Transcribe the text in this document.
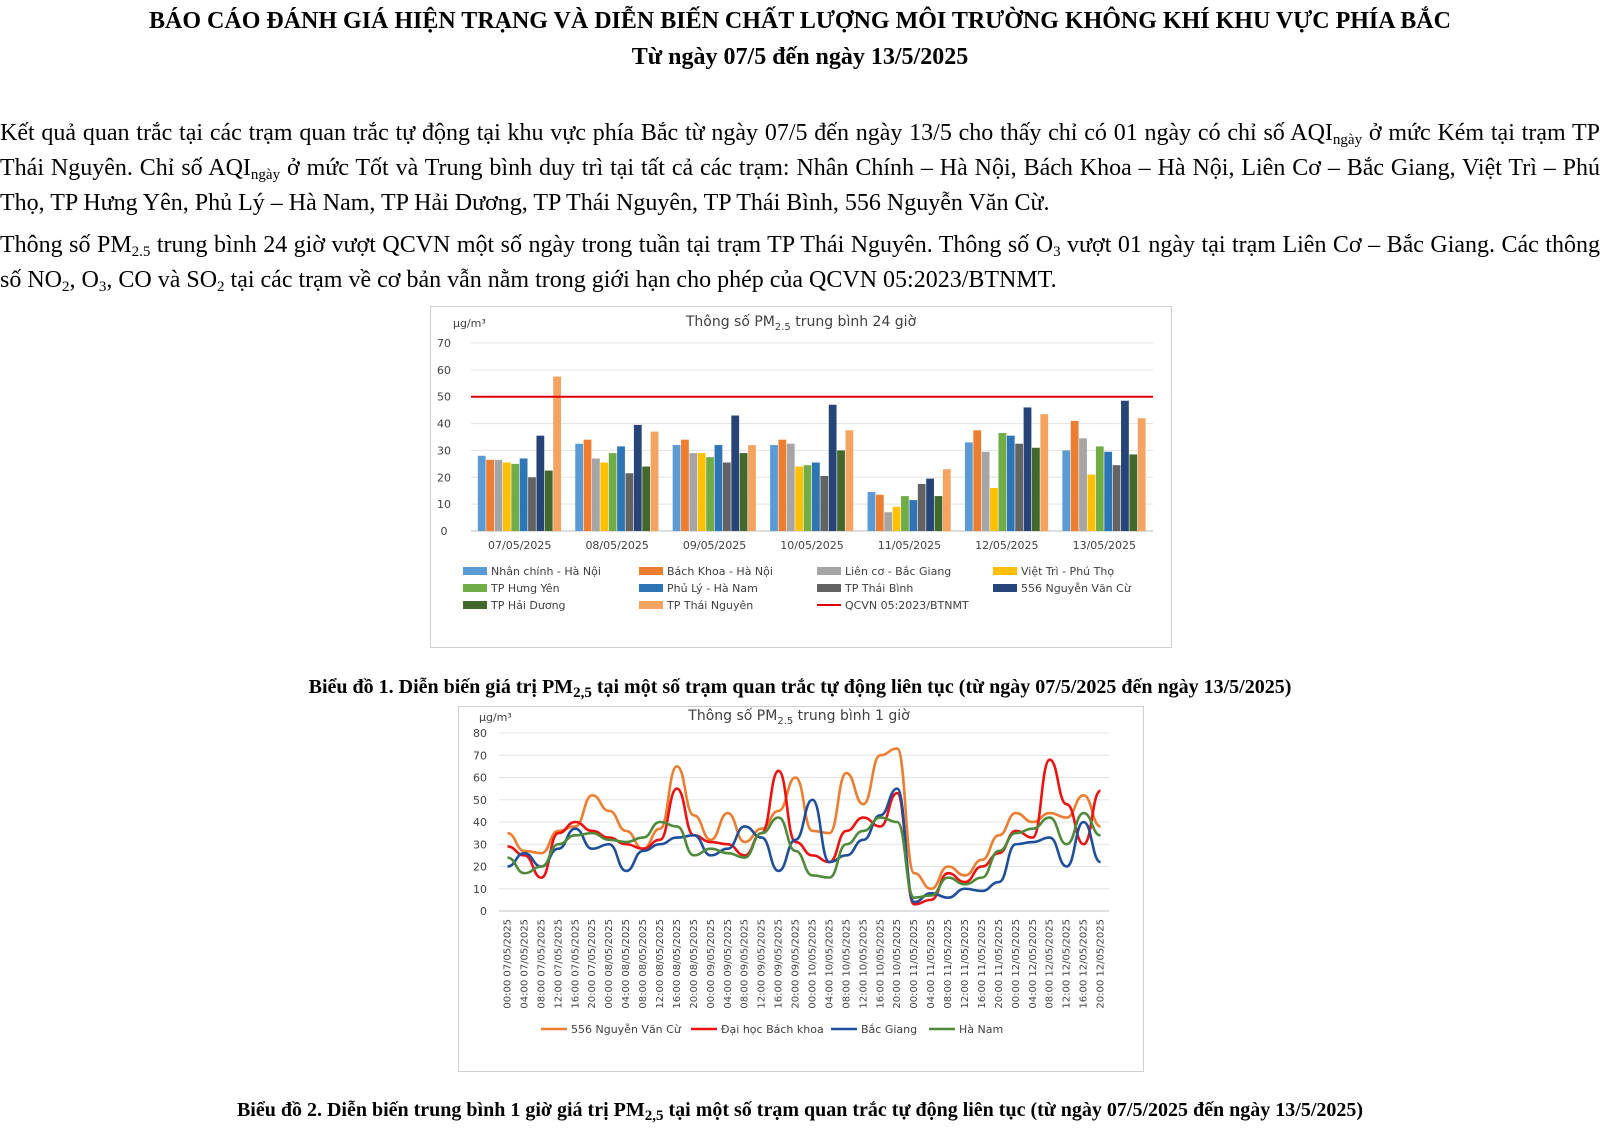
BÁO CÁO ĐÁNH GIÁ HIỆN TRẠNG VÀ DIỄN BIẾN CHẤT LƯỢNG MÔI TRƯỜNG KHÔNG KHÍ KHU VỰC PHÍA BẮC
Từ ngày 07/5 đến ngày 13/5/2025

Kết quả quan trắc tại các trạm quan trắc tự động tại khu vực phía Bắc từ ngày 07/5 đến ngày 13/5 cho thấy chỉ có 01 ngày có chỉ số $AQI_{ngày}$ ở mức Kém tại trạm TP Thái Nguyên. Chỉ số $AQI_{ngày}$ ở mức Tốt và Trung bình duy trì tại tất cả các trạm: Nhân Chính – Hà Nội, Bách Khoa – Hà Nội, Liên Cơ – Bắc Giang, Việt Trì – Phú Thọ, TP Hưng Yên, Phủ Lý – Hà Nam, TP Hải Dương, TP Thái Nguyên, TP Thái Bình, 556 Nguyễn Văn Cừ.

Thông số $PM_{2.5}$ trung bình 24 giờ vượt QCVN một số ngày trong tuần tại trạm TP Thái Nguyên. Thông số $O_3$ vượt 01 ngày tại trạm Liên Cơ – Bắc Giang. Các thông số $NO_2$, $O_3$, CO và $SO_2$ tại các trạm về cơ bản vẫn nằm trong giới hạn cho phép của QCVN 05:2023/BTNMT.

Thông số $PM_{2.5}$ trung bình 24 giờ
µg/m³
0
10
20
30
40
50
60
70
07/05/2025	08/05/2025	09/05/2025	10/05/2025	11/05/2025	12/05/2025	13/05/2025
Nhân chính - Hà Nội	Bách Khoa - Hà Nội	Liên cơ - Bắc Giang	Việt Trì - Phú Thọ
TP Hưng Yên	Phủ Lý - Hà Nam	TP Thái Bình	556 Nguyễn Văn Cừ
TP Hải Dương	TP Thái Nguyên	QCVN 05:2023/BTNMT

Biểu đồ 1. Diễn biến giá trị $PM_{2,5}$ tại một số trạm quan trắc tự động liên tục (từ ngày 07/5/2025 đến ngày 13/5/2025)

Thông số $PM_{2.5}$ trung bình 1 giờ
µg/m³
0
10
20
30
40
50
60
70
80
00:00 07/05/2025 04:00 07/05/2025 08:00 07/05/2025 12:00 07/05/2025 16:00 07/05/2025 20:00 07/05/2025 00:00 08/05/2025 04:00 08/05/2025 08:00 08/05/2025 12:00 08/05/2025 16:00 08/05/2025 20:00 08/05/2025 00:00 09/05/2025 04:00 09/05/2025 08:00 09/05/2025 12:00 09/05/2025 16:00 09/05/2025 20:00 09/05/2025 00:00 10/05/2025 04:00 10/05/2025 08:00 10/05/2025 12:00 10/05/2025 16:00 10/05/2025 20:00 10/05/2025 00:00 11/05/2025 04:00 11/05/2025 08:00 11/05/2025 12:00 11/05/2025 16:00 11/05/2025 20:00 11/05/2025 00:00 12/05/2025 04:00 12/05/2025 08:00 12/05/2025 12:00 12/05/2025 16:00 12/05/2025 20:00 12/05/2025
556 Nguyễn Văn Cừ	Đại học Bách khoa	Bắc Giang	Hà Nam

Biểu đồ 2. Diễn biến trung bình 1 giờ giá trị $PM_{2,5}$ tại một số trạm quan trắc tự động liên tục (từ ngày 07/5/2025 đến ngày 13/5/2025)
